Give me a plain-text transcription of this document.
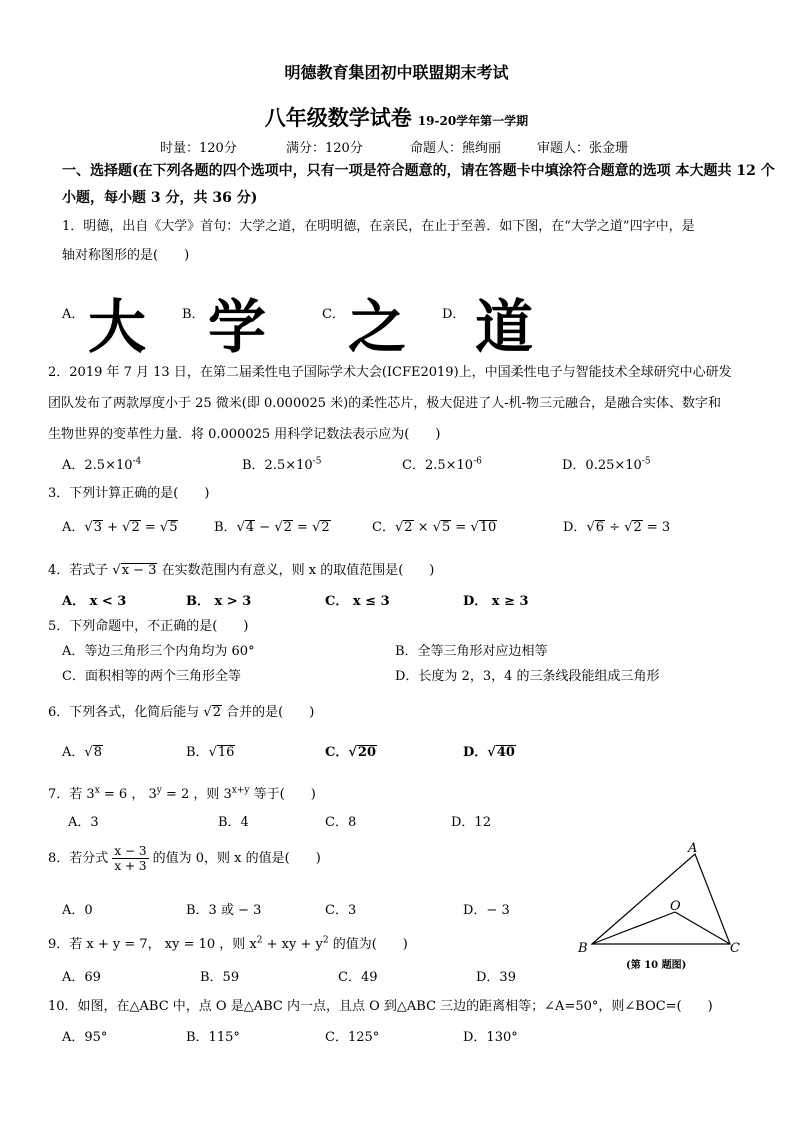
明德教育集团初中联盟期末考试
八年级数学试卷 19-20学年第一学期
时量：120分	满分：120分	命题人：熊绚丽	审题人：张金珊
一、选择题(在下列各题的四个选项中，只有一项是符合题意的，请在答题卡中填涂符合题意的选项 本大题共 12 个
小题，每小题 3 分，共 36 分)
1．明德，出自《大学》首句：大学之道，在明明德，在亲民，在止于至善．如下图，在“大学之道”四字中，是
轴对称图形的是(　　)
A． 大	B． 学	C． 之	D． 道
2．2019 年 7 月 13 日，在第二届柔性电子国际学术大会(ICFE2019)上，中国柔性电子与智能技术全球研究中心研发
团队发布了两款厚度小于 25 微米(即 0.000025 米)的柔性芯片，极大促进了人-机-物三元融合，是融合实体、数字和
生物世界的变革性力量．将 0.000025 用科学记数法表示应为(　　)
A．$2.5\times 10^{-4}$	B．$2.5\times 10^{-5}$	C．$2.5\times 10^{-6}$	D．$0.25\times 10^{-5}$
3．下列计算正确的是(　　)
A．√3 + √2 = √5	B．√4 − √2 = √2	C．√2 × √5 = √10	D．√6 ÷ √2 = 3
4．若式子 √x − 3 在实数范围内有意义，则 x 的取值范围是(　　)
A． x < 3	B． x > 3	C． x ≤ 3	D． x ≥ 3
5．下列命题中，不正确的是(　　)
A．等边三角形三个内角均为 60°	B．全等三角形对应边相等
C．面积相等的两个三角形全等	D．长度为 2，3，4 的三条线段能组成三角形
6．下列各式，化简后能与 √2 合并的是(　　)
A．√8	B．√16	C．√20	D．√40
7．若 $3^x = 6$ ， $3^y = 2$ ，则 $3^{x+y}$ 等于(　　)
A．3	B．4	C．8	D．12
8．若分式 $\frac{x - 3}{x + 3}$ 的值为 0，则 x 的值是(　　)
A．0	B．3 或 − 3	C．3	D．− 3
9．若 x + y = 7， xy = 10 ，则 $x^2$ + xy + $y^2$ 的值为(　　)
A．69	B．59	C．49	D．39
A
B	C
O
(第 10 题图)
10．如图，在△ABC 中，点 O 是△ABC 内一点，且点 O 到△ABC 三边的距离相等；∠A=50°，则∠BOC=(　　)
A．95°	B．115°	C．125°	D．130°
